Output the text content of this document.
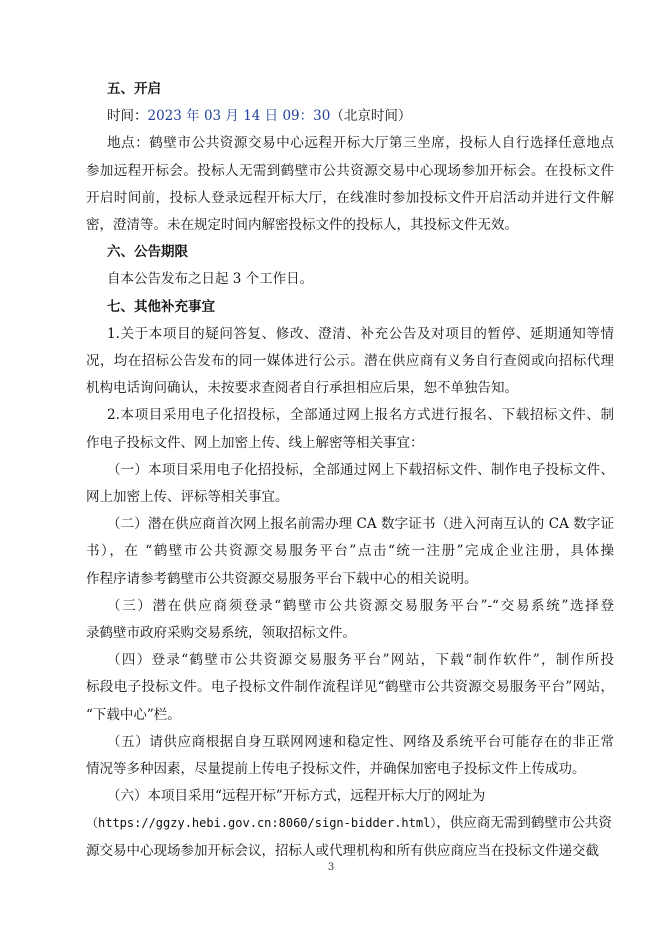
五、开启
时间：2023 年 03 月 14 日 09：30（北京时间）
地点：鹤壁市公共资源交易中心远程开标大厅第三坐席，投标人自行选择任意地点
参加远程开标会。投标人无需到鹤壁市公共资源交易中心现场参加开标会。在投标文件
开启时间前，投标人登录远程开标大厅，在线准时参加投标文件开启活动并进行文件解
密，澄清等。未在规定时间内解密投标文件的投标人，其投标文件无效。
六、公告期限
自本公告发布之日起 3 个工作日。
七、其他补充事宜
1.关于本项目的疑问答复、修改、澄清、补充公告及对项目的暂停、延期通知等情
况，均在招标公告发布的同一媒体进行公示。潜在供应商有义务自行查阅或向招标代理
机构电话询问确认，未按要求查阅者自行承担相应后果，恕不单独告知。
2.本项目采用电子化招投标，全部通过网上报名方式进行报名、下载招标文件、制
作电子投标文件、网上加密上传、线上解密等相关事宜：
（一）本项目采用电子化招投标，全部通过网上下载招标文件、制作电子投标文件、
网上加密上传、评标等相关事宜。
（二）潜在供应商首次网上报名前需办理 CA 数字证书（进入河南互认的 CA 数字证
书），在 “鹤壁市公共资源交易服务平台”点击“统一注册”完成企业注册，具体操
作程序请参考鹤壁市公共资源交易服务平台下载中心的相关说明。
（三）潜在供应商须登录“鹤壁市公共资源交易服务平台”-“交易系统”选择登
录鹤壁市政府采购交易系统，领取招标文件。
（四）登录“鹤壁市公共资源交易服务平台”网站，下载“制作软件”，制作所投
标段电子投标文件。电子投标文件制作流程详见“鹤壁市公共资源交易服务平台”网站，
“下载中心”栏。
（五）请供应商根据自身互联网网速和稳定性、网络及系统平台可能存在的非正常
情况等多种因素，尽量提前上传电子投标文件，并确保加密电子投标文件上传成功。
（六）本项目采用“远程开标”开标方式，远程开标大厅的网址为
（https://ggzy.hebi.gov.cn:8060/sign-bidder.html），供应商无需到鹤壁市公共资
源交易中心现场参加开标会议，招标人或代理机构和所有供应商应当在投标文件递交截
3
